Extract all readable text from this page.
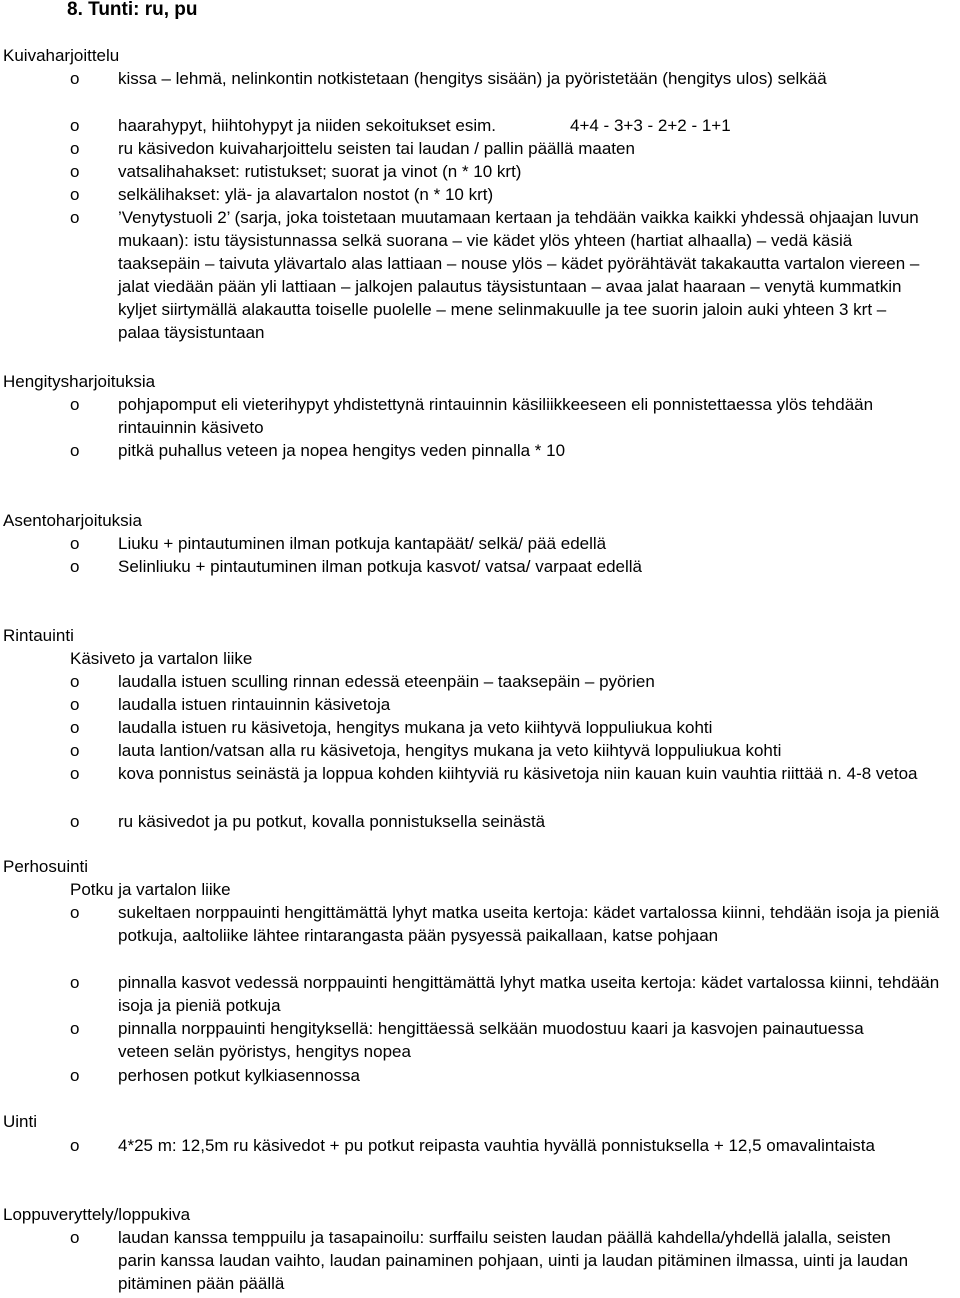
8. Tunti: ru, pu
Kuivaharjoittelu
o kissa – lehmä, nelinkontin notkistetaan (hengitys sisään) ja pyöristetään (hengitys ulos) selkää
o haarahypyt, hiihtohypyt ja niiden sekoitukset esim.	4+4 - 3+3 - 2+2 - 1+1
o ru käsivedon kuivaharjoittelu seisten tai laudan / pallin päällä maaten
o vatsalihahakset: rutistukset; suorat ja vinot (n * 10 krt)
o selkälihakset: ylä- ja alavartalon nostot (n * 10 krt)
o ’Venytystuoli 2’ (sarja, joka toistetaan muutamaan kertaan ja tehdään vaikka kaikki yhdessä ohjaajan luvun mukaan): istu täysistunnassa selkä suorana – vie kädet ylös yhteen (hartiat alhaalla) – vedä käsiä taaksepäin – taivuta ylävartalo alas lattiaan – nouse ylös – kädet pyörähtävät takakautta vartalon viereen – jalat viedään pään yli lattiaan – jalkojen palautus täysistuntaan – avaa jalat haaraan – venytä kummatkin kyljet siirtymällä alakautta toiselle puolelle – mene selinmakuulle ja tee suorin jaloin auki yhteen 3 krt – palaa täysistuntaan
Hengitysharjoituksia
o pohjapomput eli vieterihypyt yhdistettynä rintauinnin käsiliikkeeseen eli ponnistettaessa ylös tehdään rintauinnin käsiveto
o pitkä puhallus veteen ja nopea hengitys veden pinnalla * 10
Asentoharjoituksia
o Liuku + pintautuminen ilman potkuja kantapäät/ selkä/ pää edellä
o Selinliuku + pintautuminen ilman potkuja kasvot/ vatsa/ varpaat edellä
Rintauinti
Käsiveto ja vartalon liike
o laudalla istuen sculling rinnan edessä eteenpäin – taaksepäin – pyörien
o laudalla istuen rintauinnin käsivetoja
o laudalla istuen ru käsivetoja, hengitys mukana ja veto kiihtyvä loppuliukua kohti
o lauta lantion/vatsan alla ru käsivetoja, hengitys mukana ja veto kiihtyvä loppuliukua kohti
o kova ponnistus seinästä ja loppua kohden kiihtyviä ru käsivetoja niin kauan kuin vauhtia riittää n. 4-8 vetoa
o ru käsivedot ja pu potkut, kovalla ponnistuksella seinästä
Perhosuinti
Potku ja vartalon liike
o sukeltaen norppauinti hengittämättä lyhyt matka useita kertoja: kädet vartalossa kiinni, tehdään isoja ja pieniä potkuja, aaltoliike lähtee rintarangasta pään pysyessä paikallaan, katse pohjaan
o pinnalla kasvot vedessä norppauinti hengittämättä lyhyt matka useita kertoja: kädet vartalossa kiinni, tehdään isoja ja pieniä potkuja
o pinnalla norppauinti hengityksellä: hengittäessä selkään muodostuu kaari ja kasvojen painautuessa veteen selän pyöristys, hengitys nopea
o perhosen potkut kylkiasennossa
Uinti
o 4*25 m: 12,5m ru käsivedot + pu potkut reipasta vauhtia hyvällä ponnistuksella + 12,5 omavalintaista
Loppuveryttely/loppukiva
o laudan kanssa temppuilu ja tasapainoilu: surffailu seisten laudan päällä kahdella/yhdellä jalalla, seisten parin kanssa laudan vaihto, laudan painaminen pohjaan, uinti ja laudan pitäminen ilmassa, uinti ja laudan pitäminen pään päällä
